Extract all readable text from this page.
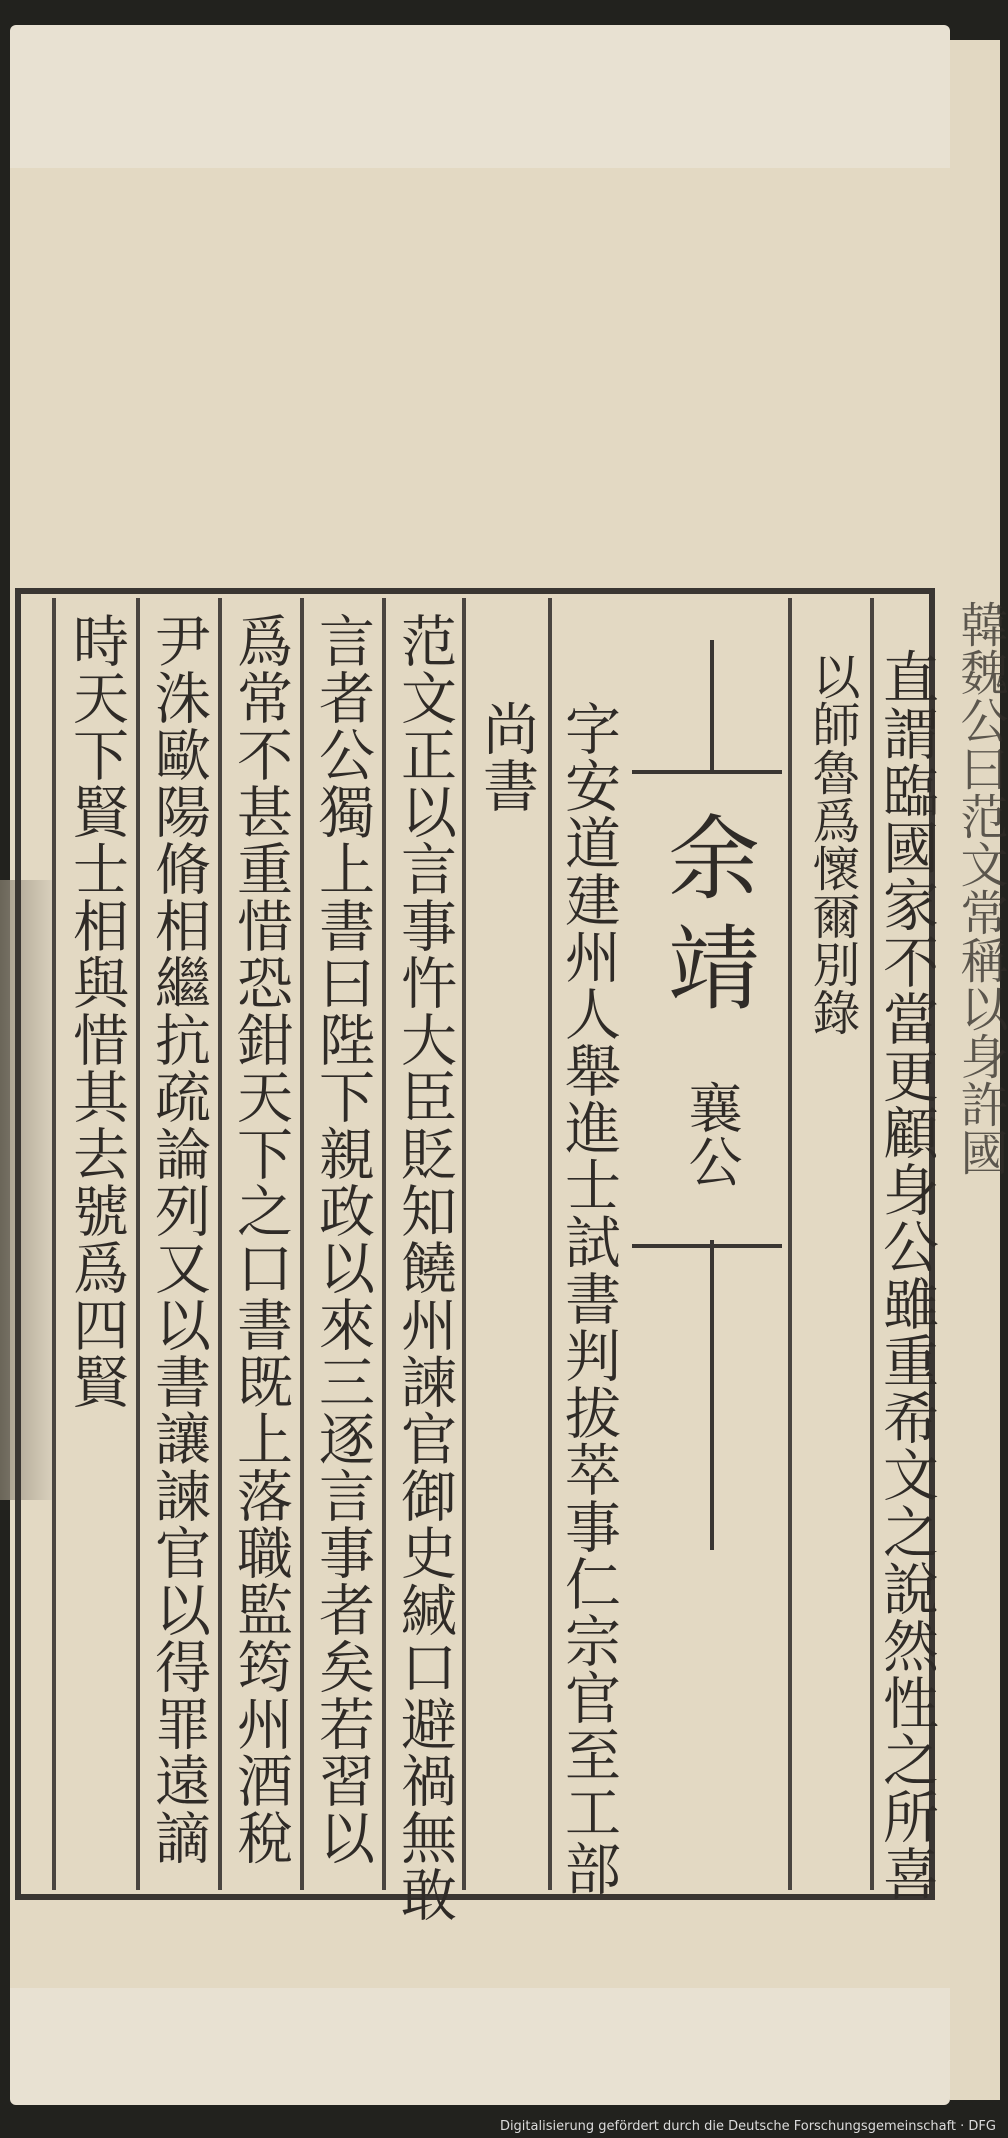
直謂臨國家不當更顧身公雖重希文之說然性之所喜
以師魯爲懷爾別錄
余靖
襄公
字安道建州人舉進士試書判拔萃事仁宗官至工部
尚書
范文正以言事忤大臣貶知饒州諫官御史緘口避禍無敢
言者公獨上書曰陛下親政以來三逐言事者矣若習以
爲常不甚重惜恐鉗天下之口書既上落職監筠州酒稅
尹洙歐陽脩相繼抗疏論列又以書讓諫官以得罪遠謫
時天下賢士相與惜其去號爲四賢	韓魏公曰范文常稱以身許國
Digitalisierung gefördert durch die Deutsche Forschungsgemeinschaft · DFG
